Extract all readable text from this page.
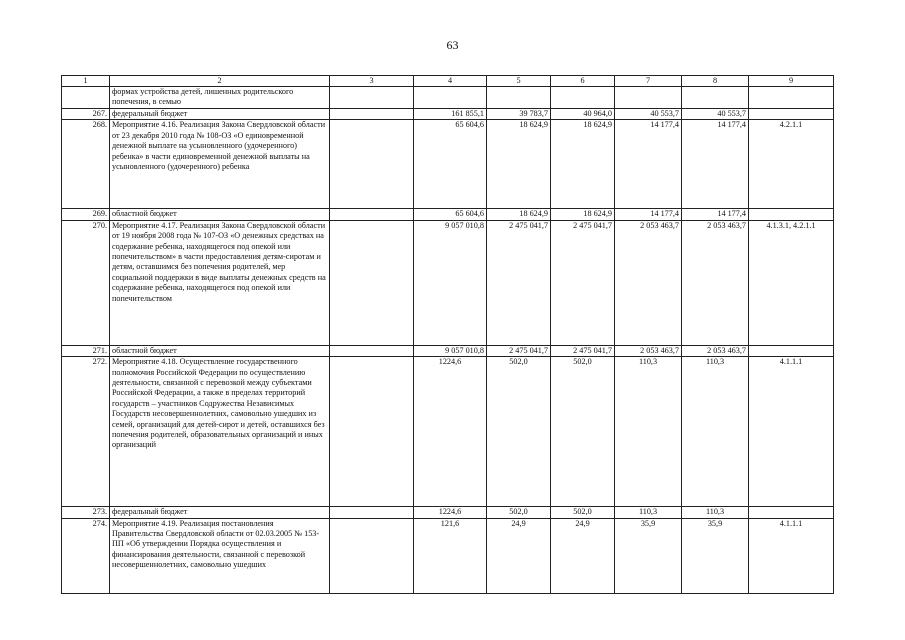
63
1	2	3	4	5	6	7	8	9
	формах устройства детей, лишенных родительского попечения, в семью							
267.	федеральный бюджет		161 855,1	39 783,7	40 964,0	40 553,7	40 553,7	
268.	Мероприятие 4.16. Реализация Закона Свердловской области от 23 декабря 2010 года № 108-ОЗ «О единовременной денежной выплате на усыновленного (удочеренного) ребенка» в части единовременной денежной выплаты на усыновленного (удочеренного) ребенка		65 604,6	18 624,9	18 624,9	14 177,4	14 177,4	4.2.1.1
269.	областной бюджет		65 604,6	18 624,9	18 624,9	14 177,4	14 177,4	
270.	Мероприятие 4.17. Реализация Закона Свердловской области от 19 ноября 2008 года № 107-ОЗ «О денежных средствах на содержание ребенка, находящегося под опекой или попечительством» в части предоставления детям-сиротам и детям, оставшимся без попечения родителей, мер социальной поддержки в виде выплаты денежных средств на содержание ребенка, находящегося под опекой или попечительством		9 057 010,8	2 475 041,7	2 475 041,7	2 053 463,7	2 053 463,7	4.1.3.1, 4.2.1.1
271.	областной бюджет		9 057 010,8	2 475 041,7	2 475 041,7	2 053 463,7	2 053 463,7	
272.	Мероприятие 4.18. Осуществление государственного полномочия Российской Федерации по осуществлению деятельности, связанной с перевозкой между субъектами Российской Федерации, а также в пределах территорий государств – участников Содружества Независимых Государств несовершеннолетних, самовольно ушедших из семей, организаций для детей-сирот и детей, оставшихся без попечения родителей, образовательных организаций и иных организаций		1224,6	502,0	502,0	110,3	110,3	4.1.1.1
273.	федеральный бюджет		1224,6	502,0	502,0	110,3	110,3	
274.	Мероприятие 4.19. Реализация постановления Правительства Свердловской области от 02.03.2005 № 153-ПП «Об утверждении Порядка осуществления и финансирования деятельности, связанной с перевозкой несовершеннолетних, самовольно ушедших		121,6	24,9	24,9	35,9	35,9	4.1.1.1
